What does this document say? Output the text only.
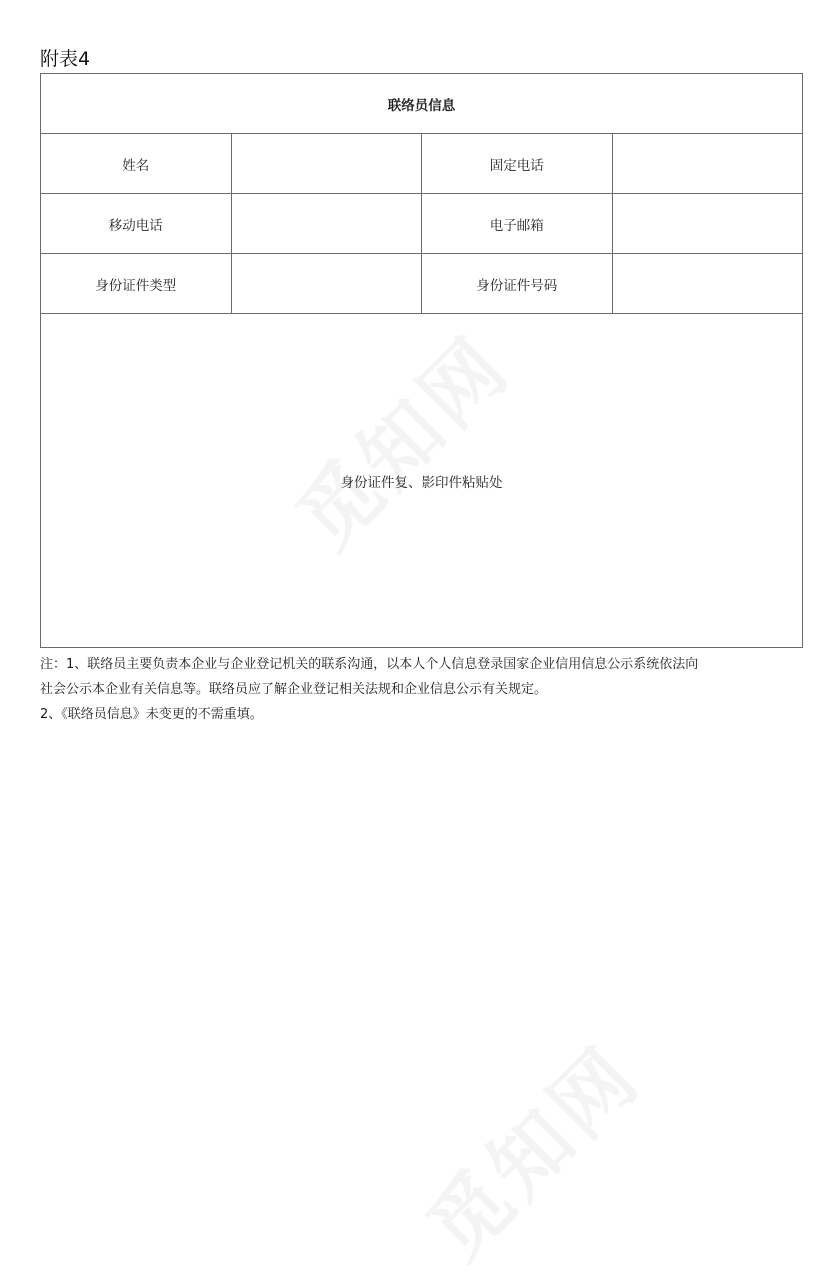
附表4
联络员信息			
姓名		固定电话	
移动电话		电子邮箱	
身份证件类型		身份证件号码	
身份证件复、影印件粘贴处			

注：1、联络员主要负责本企业与企业登记机关的联系沟通，以本人个人信息登录国家企业信用信息公示系统依法向

社会公示本企业有关信息等。联络员应了解企业登记相关法规和企业信息公示有关规定。

2、《联络员信息》未变更的不需重填。
